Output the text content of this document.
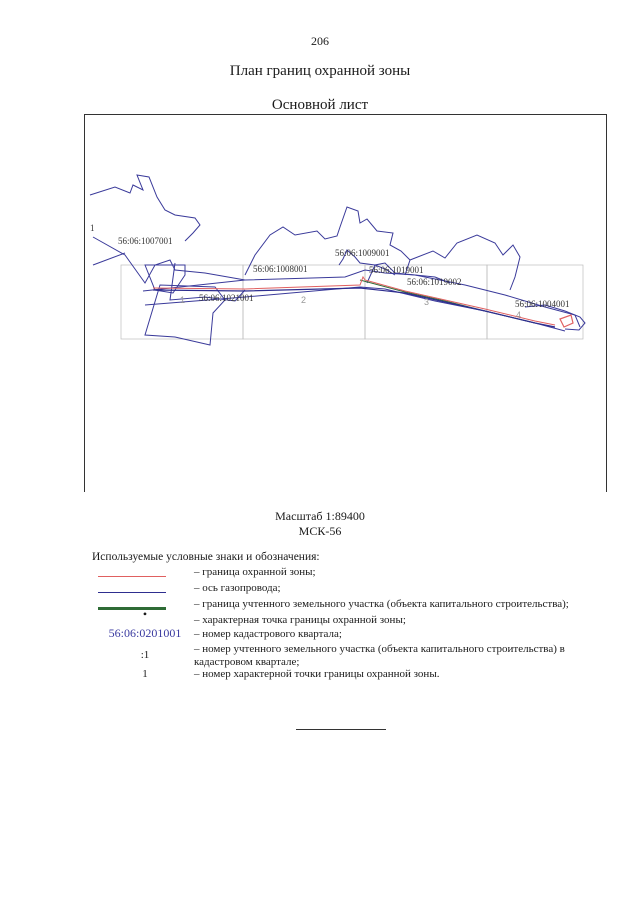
206
План границ охранной зоны
Основной лист
56:06:1007001
56:06:1008001
56:06:1009001
56:06:1019001
56:06:1019002
56:06:1021001
56:06:1004001
1	2	3
4
1
Масштаб 1:89400
МСК-56
Используемые условные знаки и обозначения:
– граница охранной зоны;
– ось газопровода;
– граница учтенного земельного участка (объекта капитального строительства);
•	– характерная точка границы охранной зоны;
56:06:0201001	– номер кадастрового квартала;
:1	– номер учтенного земельного участка (объекта капитального строительства) в кадастровом квартале;
1	– номер характерной точки границы охранной зоны.
